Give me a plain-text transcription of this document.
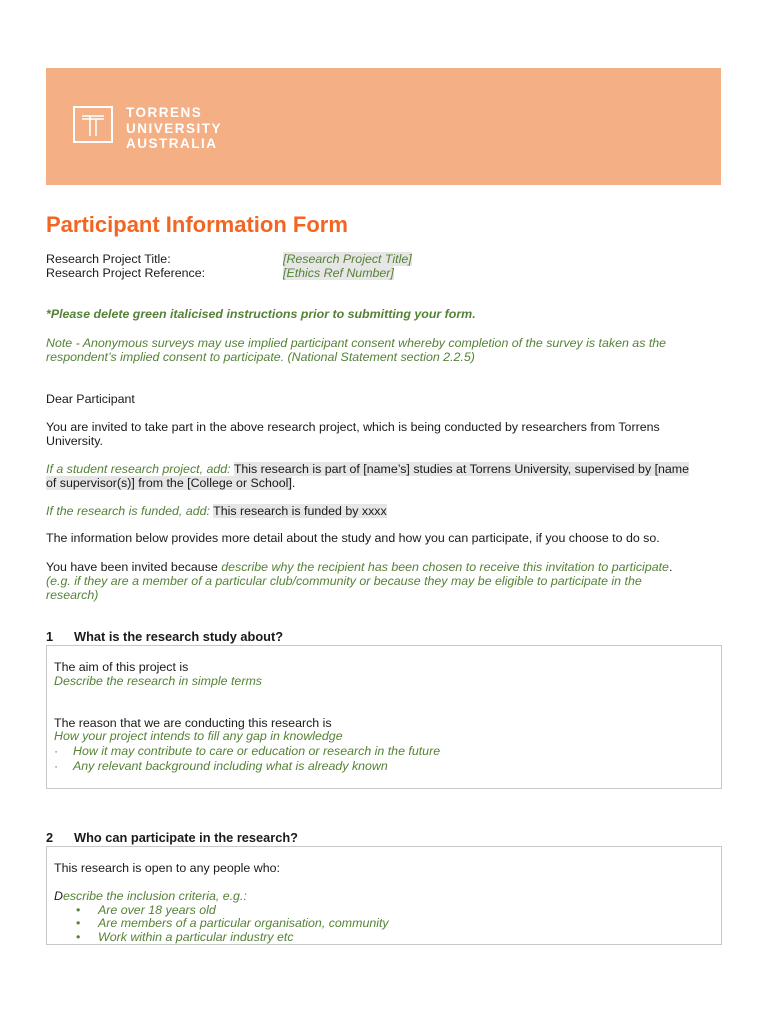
TORRENS
UNIVERSITY
AUSTRALIA
Participant Information Form
Research Project Title:	[Research Project Title]
Research Project Reference:	[Ethics Ref Number]
*Please delete green italicised instructions prior to submitting your form.
Note - Anonymous surveys may use implied participant consent whereby completion of the survey is taken as the
respondent’s implied consent to participate. (National Statement section 2.2.5)
Dear Participant
You are invited to take part in the above research project, which is being conducted by researchers from Torrens
University.
If a student research project, add: This research is part of [name’s] studies at Torrens University, supervised by [name
of supervisor(s)] from the [College or School].
If the research is funded, add: This research is funded by xxxx
The information below provides more detail about the study and how you can participate, if you choose to do so.
You have been invited because describe why the recipient has been chosen to receive this invitation to participate.
(e.g. if they are a member of a particular club/community or because they may be eligible to participate in the
research)
1 What is the research study about?
The aim of this project is
Describe the research in simple terms
The reason that we are conducting this research is
How your project intends to fill any gap in knowledge
· How it may contribute to care or education or research in the future
· Any relevant background including what is already known
2 Who can participate in the research?
This research is open to any people who:
Describe the inclusion criteria, e.g.:
• Are over 18 years old
• Are members of a particular organisation, community
• Work within a particular industry etc
